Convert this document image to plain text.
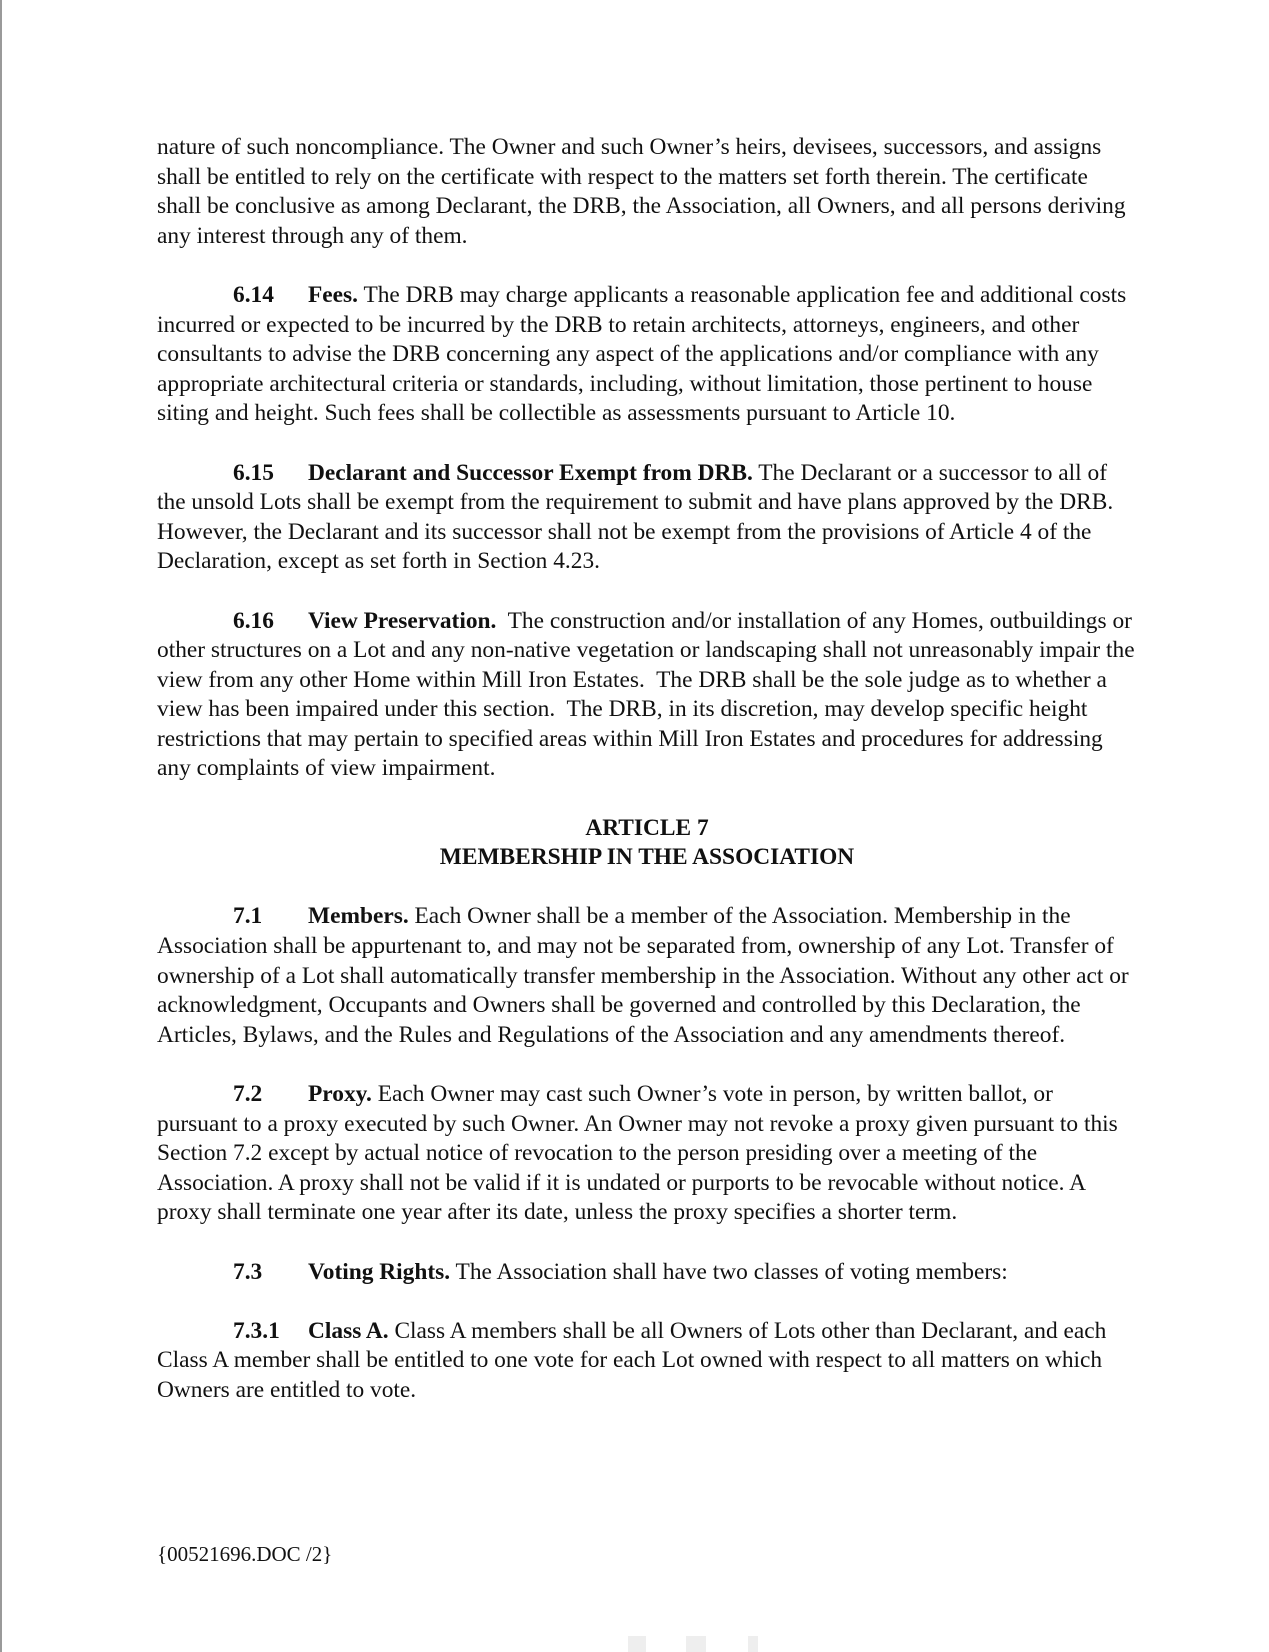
nature of such noncompliance. The Owner and such Owner’s heirs, devisees, successors, and assigns shall be entitled to rely on the certificate with respect to the matters set forth therein. The certificate shall be conclusive as among Declarant, the DRB, the Association, all Owners, and all persons deriving any interest through any of them.

6.14 Fees. The DRB may charge applicants a reasonable application fee and additional costs incurred or expected to be incurred by the DRB to retain architects, attorneys, engineers, and other consultants to advise the DRB concerning any aspect of the applications and/or compliance with any appropriate architectural criteria or standards, including, without limitation, those pertinent to house siting and height. Such fees shall be collectible as assessments pursuant to Article 10.

6.15 Declarant and Successor Exempt from DRB. The Declarant or a successor to all of the unsold Lots shall be exempt from the requirement to submit and have plans approved by the DRB. However, the Declarant and its successor shall not be exempt from the provisions of Article 4 of the Declaration, except as set forth in Section 4.23.

6.16 View Preservation.  The construction and/or installation of any Homes, outbuildings or other structures on a Lot and any non-native vegetation or landscaping shall not unreasonably impair the view from any other Home within Mill Iron Estates.  The DRB shall be the sole judge as to whether a view has been impaired under this section.  The DRB, in its discretion, may develop specific height restrictions that may pertain to specified areas within Mill Iron Estates and procedures for addressing any complaints of view impairment.

ARTICLE 7
MEMBERSHIP IN THE ASSOCIATION

7.1 Members. Each Owner shall be a member of the Association. Membership in the Association shall be appurtenant to, and may not be separated from, ownership of any Lot. Transfer of ownership of a Lot shall automatically transfer membership in the Association. Without any other act or acknowledgment, Occupants and Owners shall be governed and controlled by this Declaration, the Articles, Bylaws, and the Rules and Regulations of the Association and any amendments thereof.

7.2 Proxy. Each Owner may cast such Owner’s vote in person, by written ballot, or pursuant to a proxy executed by such Owner. An Owner may not revoke a proxy given pursuant to this Section 7.2 except by actual notice of revocation to the person presiding over a meeting of the Association. A proxy shall not be valid if it is undated or purports to be revocable without notice. A proxy shall terminate one year after its date, unless the proxy specifies a shorter term.

7.3 Voting Rights. The Association shall have two classes of voting members:

7.3.1 Class A. Class A members shall be all Owners of Lots other than Declarant, and each Class A member shall be entitled to one vote for each Lot owned with respect to all matters on which Owners are entitled to vote.

{00521696.DOC /2}
